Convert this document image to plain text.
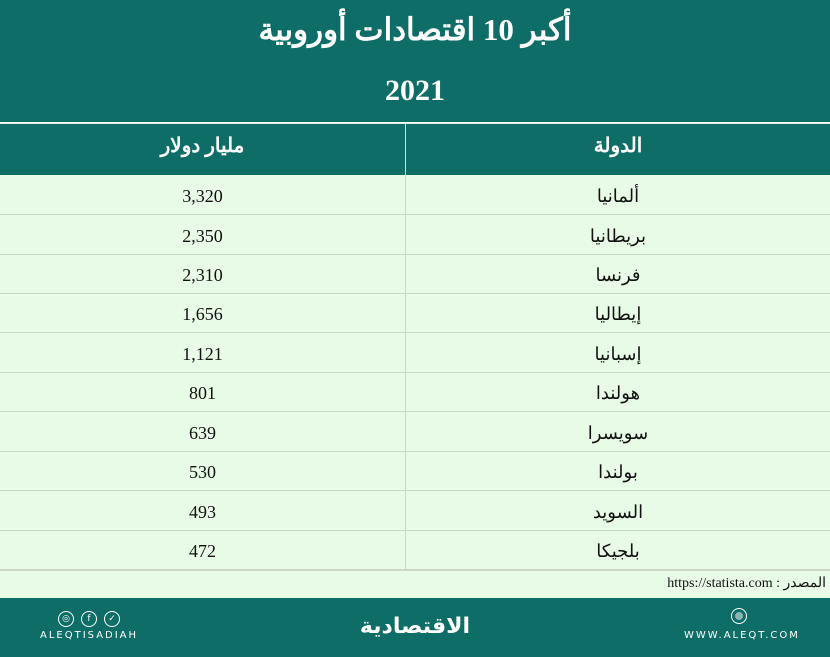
أكبر 10 اقتصادات أوروبية
2021
مليار دولار	الدولة
3,320	ألمانيا
2,350	بريطانيا
2,310	فرنسا
1,656	إيطاليا
1,121	إسبانيا
801	هولندا
639	سويسرا
530	بولندا
493	السويد
472	بلجيكا
المصدر : https://statista.com
◎ f ✓
ALEQTISADIAH	الاقتصادية	WWW.ALEQT.COM
